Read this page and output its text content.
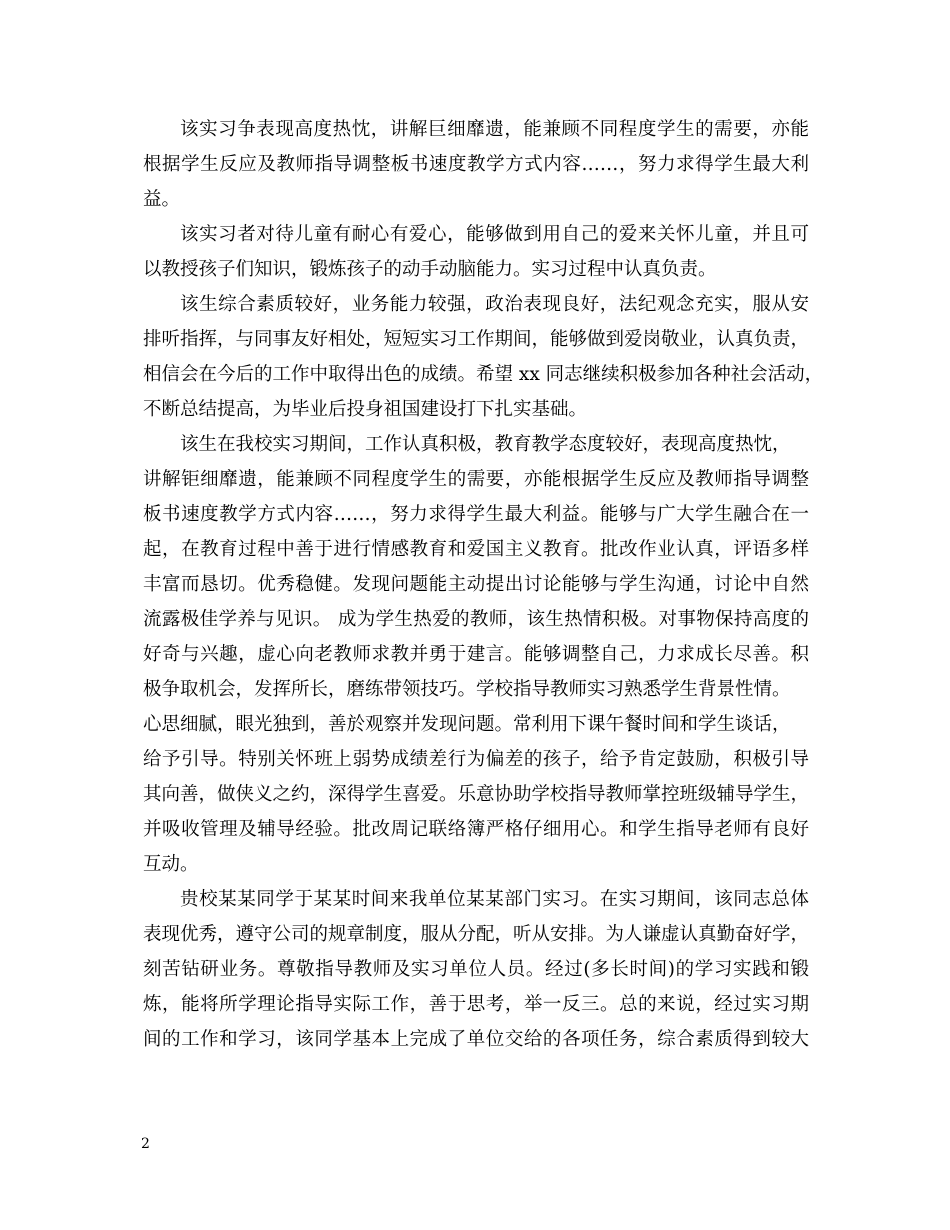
该实习争表现高度热忱，讲解巨细靡遗，能兼顾不同程度学生的需要，亦能
根据学生反应及教师指导调整板书速度教学方式内容……，努力求得学生最大利
益。
该实习者对待儿童有耐心有爱心，能够做到用自己的爱来关怀儿童，并且可
以教授孩子们知识，锻炼孩子的动手动脑能力。实习过程中认真负责。
该生综合素质较好，业务能力较强，政治表现良好，法纪观念充实，服从安
排听指挥，与同事友好相处，短短实习工作期间，能够做到爱岗敬业，认真负责，
相信会在今后的工作中取得出色的成绩。希望 xx 同志继续积极参加各种社会活动，
不断总结提高，为毕业后投身祖国建设打下扎实基础。
该生在我校实习期间，工作认真积极，教育教学态度较好，表现高度热忱，
讲解钜细靡遗，能兼顾不同程度学生的需要，亦能根据学生反应及教师指导调整
板书速度教学方式内容……，努力求得学生最大利益。能够与广大学生融合在一
起，在教育过程中善于进行情感教育和爱国主义教育。批改作业认真，评语多样
丰富而恳切。优秀稳健。发现问题能主动提出讨论能够与学生沟通，讨论中自然
流露极佳学养与见识。 成为学生热爱的教师，该生热情积极。对事物保持高度的
好奇与兴趣，虚心向老教师求教并勇于建言。能够调整自己，力求成长尽善。积
极争取机会，发挥所长，磨练带领技巧。学校指导教师实习熟悉学生背景性情。
心思细腻，眼光独到，善於观察并发现问题。常利用下课午餐时间和学生谈话，
给予引导。特别关怀班上弱势成绩差行为偏差的孩子，给予肯定鼓励，积极引导
其向善，做侠义之约，深得学生喜爱。乐意协助学校指导教师掌控班级辅导学生，
并吸收管理及辅导经验。批改周记联络簿严格仔细用心。和学生指导老师有良好
互动。
贵校某某同学于某某时间来我单位某某部门实习。在实习期间，该同志总体
表现优秀，遵守公司的规章制度，服从分配，听从安排。为人谦虚认真勤奋好学，
刻苦钻研业务。尊敬指导教师及实习单位人员。经过(多长时间)的学习实践和锻
炼，能将所学理论指导实际工作，善于思考，举一反三。总的来说，经过实习期
间的工作和学习，该同学基本上完成了单位交给的各项任务，综合素质得到较大
2
